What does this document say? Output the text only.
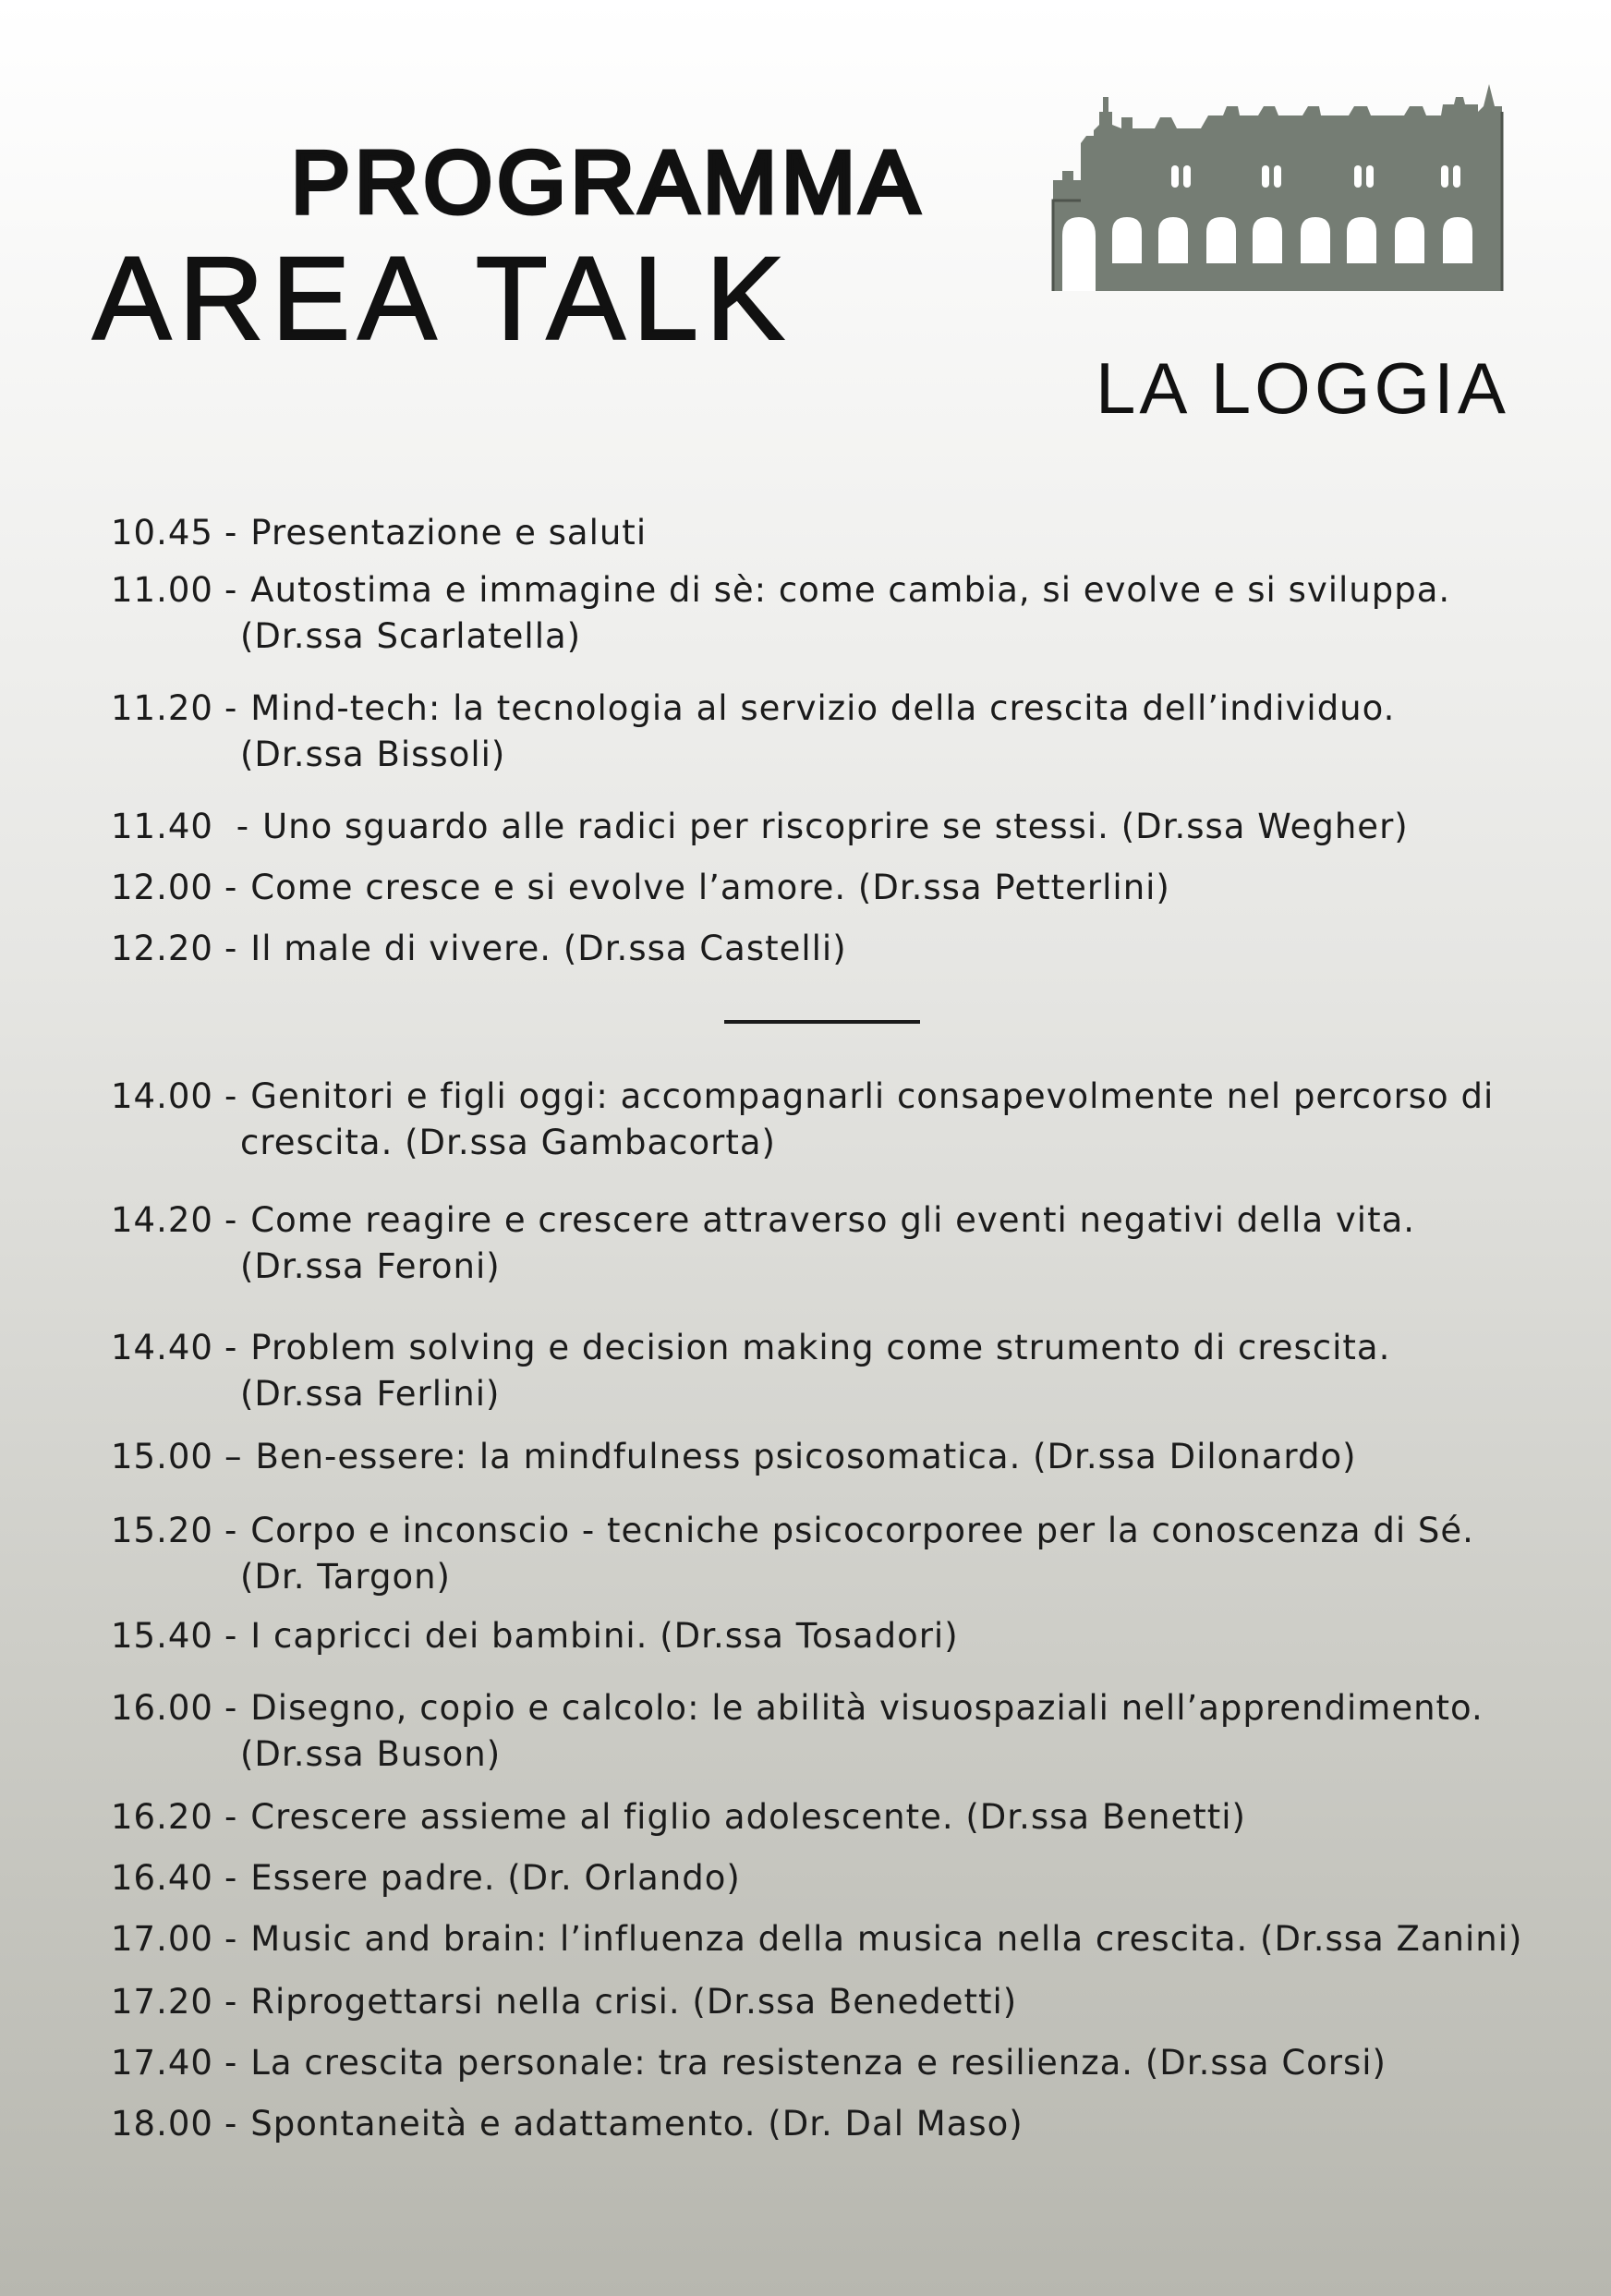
PROGRAMMA
AREA TALK
LA LOGGIA
10.45 - Presentazione e saluti
11.00 - Autostima e immagine di sè: come cambia, si evolve e si sviluppa.
(Dr.ssa Scarlatella)
11.20 - Mind-tech: la tecnologia al servizio della crescita dell’individuo.
(Dr.ssa Bissoli)
11.40 - Uno sguardo alle radici per riscoprire se stessi. (Dr.ssa Wegher)
12.00 - Come cresce e si evolve l’amore. (Dr.ssa Petterlini)
12.20 - Il male di vivere. (Dr.ssa Castelli)
14.00 - Genitori e figli oggi: accompagnarli consapevolmente nel percorso di
crescita. (Dr.ssa Gambacorta)
14.20 - Come reagire e crescere attraverso gli eventi negativi della vita.
(Dr.ssa Feroni)
14.40 - Problem solving e decision making come strumento di crescita.
(Dr.ssa Ferlini)
15.00 – Ben-essere: la mindfulness psicosomatica. (Dr.ssa Dilonardo)
15.20 - Corpo e inconscio - tecniche psicocorporee per la conoscenza di Sé.
(Dr. Targon)
15.40 - I capricci dei bambini. (Dr.ssa Tosadori)
16.00 - Disegno, copio e calcolo: le abilità visuospaziali nell’apprendimento.
(Dr.ssa Buson)
16.20 - Crescere assieme al figlio adolescente. (Dr.ssa Benetti)
16.40 - Essere padre. (Dr. Orlando)
17.00 - Music and brain: l’influenza della musica nella crescita. (Dr.ssa Zanini)
17.20 - Riprogettarsi nella crisi. (Dr.ssa Benedetti)
17.40 - La crescita personale: tra resistenza e resilienza. (Dr.ssa Corsi)
18.00 - Spontaneità e adattamento. (Dr. Dal Maso)
